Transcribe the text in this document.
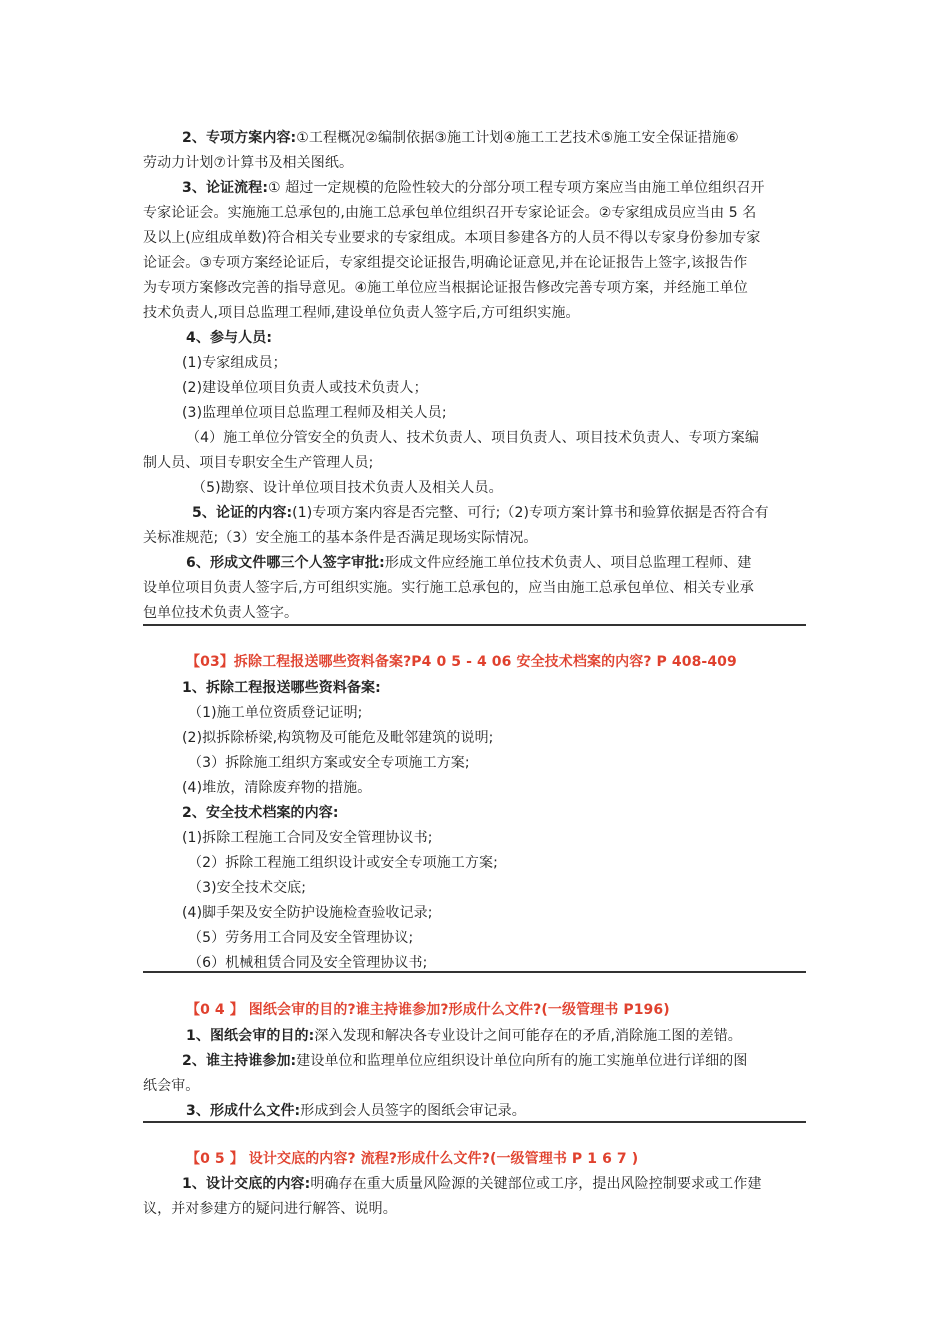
2、专项方案内容:①工程概况②编制依据③施工计划④施工工艺技术⑤施工安全保证措施⑥
劳动力计划⑦计算书及相关图纸。
3、论证流程:① 超过一定规模的危险性较大的分部分项工程专项方案应当由施工单位组织召开
专家论证会。实施施工总承包的,由施工总承包单位组织召开专家论证会。②专家组成员应当由 5 名
及以上(应组成单数)符合相关专业要求的专家组成。本项目参建各方的人员不得以专家身份参加专家
论证会。③专项方案经论证后，专家组提交论证报告,明确论证意见,并在论证报告上签字,该报告作
为专项方案修改完善的指导意见。④施工单位应当根据论证报告修改完善专项方案，并经施工单位
技术负责人,项目总监理工程师,建设单位负责人签字后,方可组织实施。
4、参与人员:
(1)专家组成员；
(2)建设单位项目负责人或技术负责人；
(3)监理单位项目总监理工程师及相关人员;
（4）施工单位分管安全的负责人、技术负责人、项目负责人、项目技术负责人、专项方案编
制人员、项目专职安全生产管理人员;
（5)勘察、设计单位项目技术负责人及相关人员。
5、论证的内容:(1)专项方案内容是否完整、可行;（2)专项方案计算书和验算依据是否符合有
关标准规范;（3）安全施工的基本条件是否满足现场实际情况。
6、形成文件哪三个人签字审批:形成文件应经施工单位技术负责人、项目总监理工程师、建
设单位项目负责人签字后,方可组织实施。实行施工总承包的，应当由施工总承包单位、相关专业承
包单位技术负责人签字。
【03】拆除工程报送哪些资料备案?P4 0 5 - 4 06 安全技术档案的内容? P 408-409
1、拆除工程报送哪些资料备案:
（1)施工单位资质登记证明;
(2)拟拆除桥梁,构筑物及可能危及毗邻建筑的说明;
（3）拆除施工组织方案或安全专项施工方案;
(4)堆放，清除废弃物的措施。
2、安全技术档案的内容:
(1)拆除工程施工合同及安全管理协议书;
（2）拆除工程施工组织设计或安全专项施工方案;
（3)安全技术交底;
(4)脚手架及安全防护设施检查验收记录;
（5）劳务用工合同及安全管理协议;
（6）机械租赁合同及安全管理协议书;
【0 4 】 图纸会审的目的?谁主持谁参加?形成什么文件?(一级管理书 P196)
1、图纸会审的目的:深入发现和解决各专业设计之间可能存在的矛盾,消除施工图的差错。
2、谁主持谁参加:建设单位和监理单位应组织设计单位向所有的施工实施单位进行详细的图
纸会审。
3、形成什么文件:形成到会人员签字的图纸会审记录。
【0 5 】 设计交底的内容? 流程?形成什么文件?(一级管理书 P 1 6 7 )
1、设计交底的内容:明确存在重大质量风险源的关键部位或工序，提出风险控制要求或工作建
议，并对参建方的疑问进行解答、说明。
